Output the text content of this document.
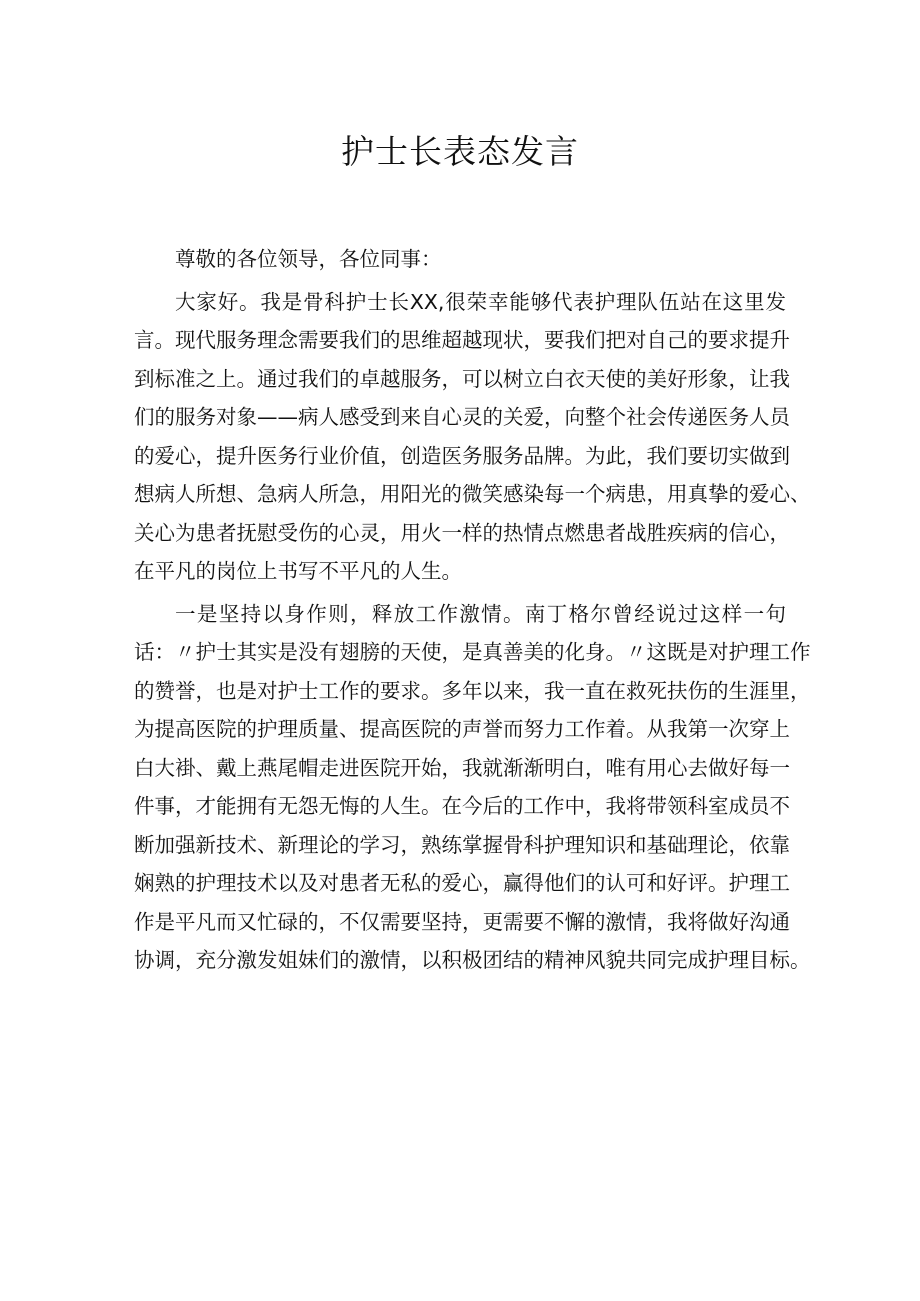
护士长表态发言
尊敬的各位领导，各位同事：
大家好。我是骨科护士长XX,很荣幸能够代表护理队伍站在这里发
言。现代服务理念需要我们的思维超越现状，要我们把对自己的要求提升
到标准之上。通过我们的卓越服务，可以树立白衣天使的美好形象，让我
们的服务对象——病人感受到来自心灵的关爱，向整个社会传递医务人员
的爱心，提升医务行业价值，创造医务服务品牌。为此，我们要切实做到
想病人所想、急病人所急，用阳光的微笑感染每一个病患，用真挚的爱心、
关心为患者抚慰受伤的心灵，用火一样的热情点燃患者战胜疾病的信心，
在平凡的岗位上书写不平凡的人生。
一是坚持以身作则，释放工作激情。南丁格尔曾经说过这样一句
话：〃护士其实是没有翅膀的天使，是真善美的化身。〃这既是对护理工作
的赞誉，也是对护士工作的要求。多年以来，我一直在救死扶伤的生涯里，
为提高医院的护理质量、提高医院的声誉而努力工作着。从我第一次穿上
白大褂、戴上燕尾帽走进医院开始，我就渐渐明白，唯有用心去做好每一
件事，才能拥有无怨无悔的人生。在今后的工作中，我将带领科室成员不
断加强新技术、新理论的学习，熟练掌握骨科护理知识和基础理论，依靠
娴熟的护理技术以及对患者无私的爱心，赢得他们的认可和好评。护理工
作是平凡而又忙碌的，不仅需要坚持，更需要不懈的激情，我将做好沟通
协调，充分激发姐妹们的激情，以积极团结的精神风貌共同完成护理目标。
